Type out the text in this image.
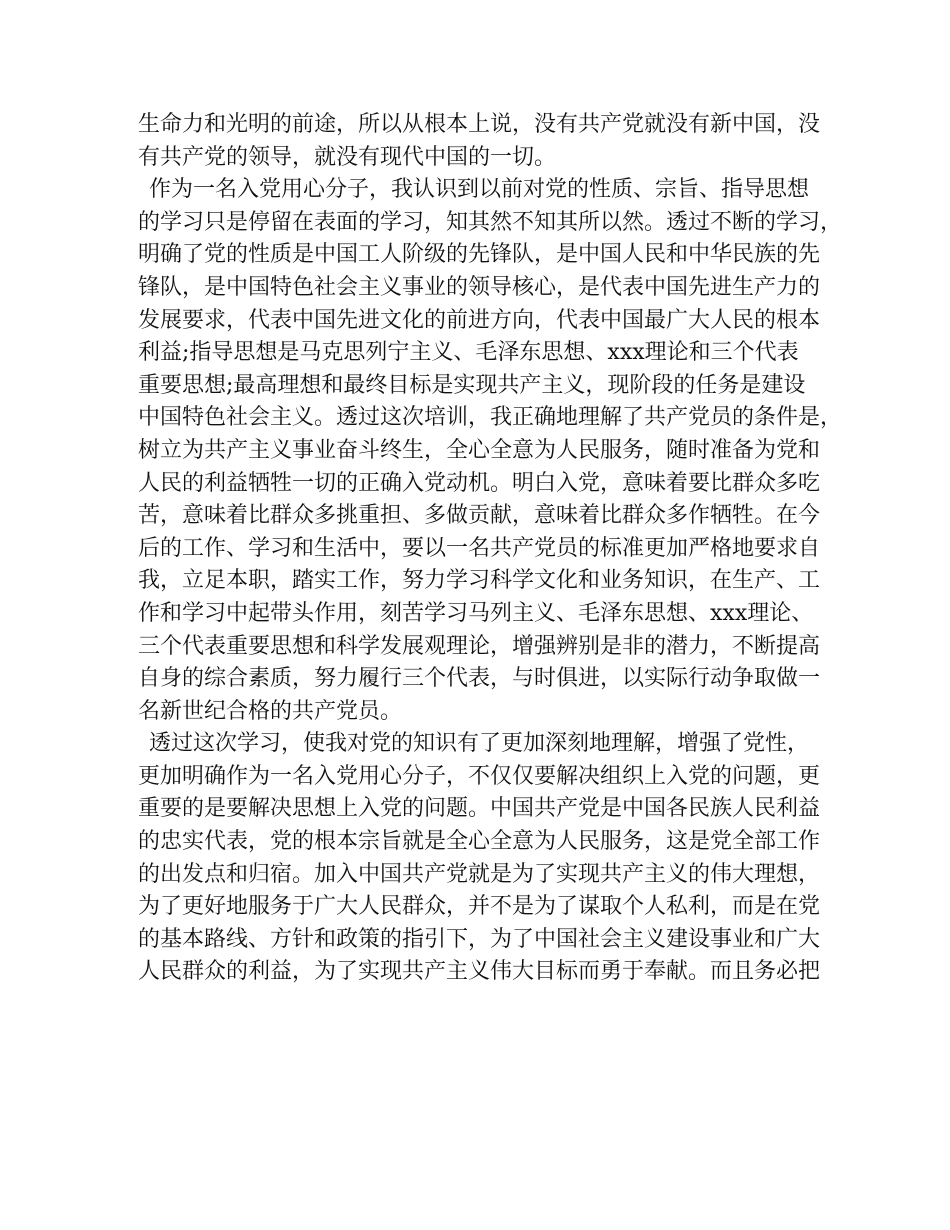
生命力和光明的前途，所以从根本上说，没有共产党就没有新中国，没
有共产党的领导，就没有现代中国的一切。
作为一名入党用心分子，我认识到以前对党的性质、宗旨、指导思想
的学习只是停留在表面的学习，知其然不知其所以然。透过不断的学习，
明确了党的性质是中国工人阶级的先锋队，是中国人民和中华民族的先
锋队，是中国特色社会主义事业的领导核心，是代表中国先进生产力的
发展要求，代表中国先进文化的前进方向，代表中国最广大人民的根本
利益;指导思想是马克思列宁主义、毛泽东思想、xxx理论和三个代表
重要思想;最高理想和最终目标是实现共产主义，现阶段的任务是建设
中国特色社会主义。透过这次培训，我正确地理解了共产党员的条件是，
树立为共产主义事业奋斗终生，全心全意为人民服务，随时准备为党和
人民的利益牺牲一切的正确入党动机。明白入党，意味着要比群众多吃
苦，意味着比群众多挑重担、多做贡献，意味着比群众多作牺牲。在今
后的工作、学习和生活中，要以一名共产党员的标准更加严格地要求自
我，立足本职，踏实工作，努力学习科学文化和业务知识，在生产、工
作和学习中起带头作用，刻苦学习马列主义、毛泽东思想、xxx理论、
三个代表重要思想和科学发展观理论，增强辨别是非的潜力，不断提高
自身的综合素质，努力履行三个代表，与时俱进，以实际行动争取做一
名新世纪合格的共产党员。
透过这次学习，使我对党的知识有了更加深刻地理解，增强了党性，
更加明确作为一名入党用心分子，不仅仅要解决组织上入党的问题，更
重要的是要解决思想上入党的问题。中国共产党是中国各民族人民利益
的忠实代表，党的根本宗旨就是全心全意为人民服务，这是党全部工作
的出发点和归宿。加入中国共产党就是为了实现共产主义的伟大理想，
为了更好地服务于广大人民群众，并不是为了谋取个人私利，而是在党
的基本路线、方针和政策的指引下，为了中国社会主义建设事业和广大
人民群众的利益，为了实现共产主义伟大目标而勇于奉献。而且务必把
